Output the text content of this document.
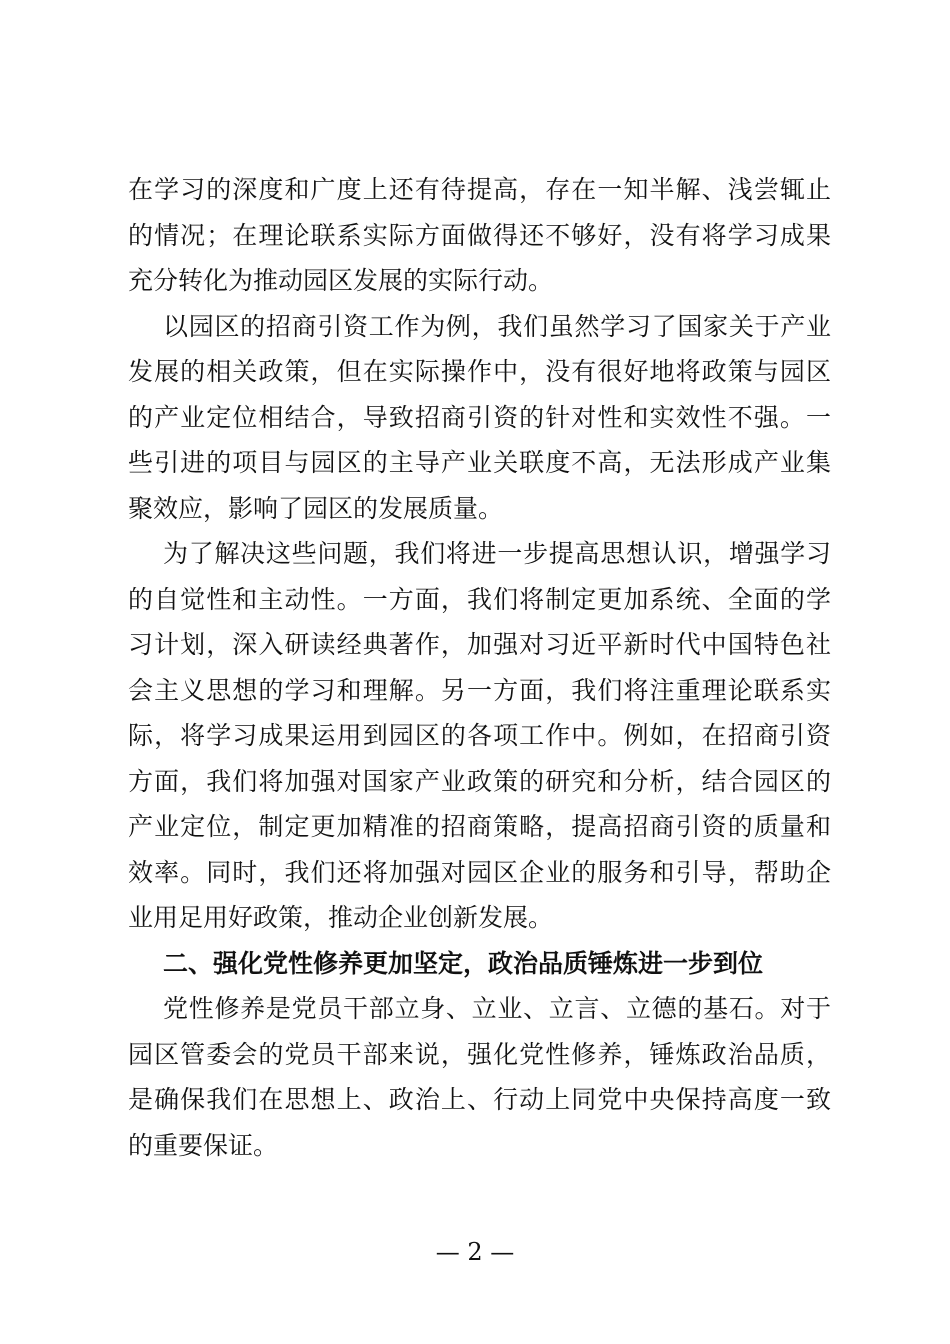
在学习的深度和广度上还有待提高，存在一知半解、浅尝辄止
的情况；在理论联系实际方面做得还不够好，没有将学习成果
充分转化为推动园区发展的实际行动。
以园区的招商引资工作为例，我们虽然学习了国家关于产业
发展的相关政策，但在实际操作中，没有很好地将政策与园区
的产业定位相结合，导致招商引资的针对性和实效性不强。一
些引进的项目与园区的主导产业关联度不高，无法形成产业集
聚效应，影响了园区的发展质量。
为了解决这些问题，我们将进一步提高思想认识，增强学习
的自觉性和主动性。一方面，我们将制定更加系统、全面的学
习计划，深入研读经典著作，加强对习近平新时代中国特色社
会主义思想的学习和理解。另一方面，我们将注重理论联系实
际，将学习成果运用到园区的各项工作中。例如，在招商引资
方面，我们将加强对国家产业政策的研究和分析，结合园区的
产业定位，制定更加精准的招商策略，提高招商引资的质量和
效率。同时，我们还将加强对园区企业的服务和引导，帮助企
业用足用好政策，推动企业创新发展。
二、强化党性修养更加坚定，政治品质锤炼进一步到位
党性修养是党员干部立身、立业、立言、立德的基石。对于
园区管委会的党员干部来说，强化党性修养，锤炼政治品质，
是确保我们在思想上、政治上、行动上同党中央保持高度一致
的重要保证。
— 2 —
